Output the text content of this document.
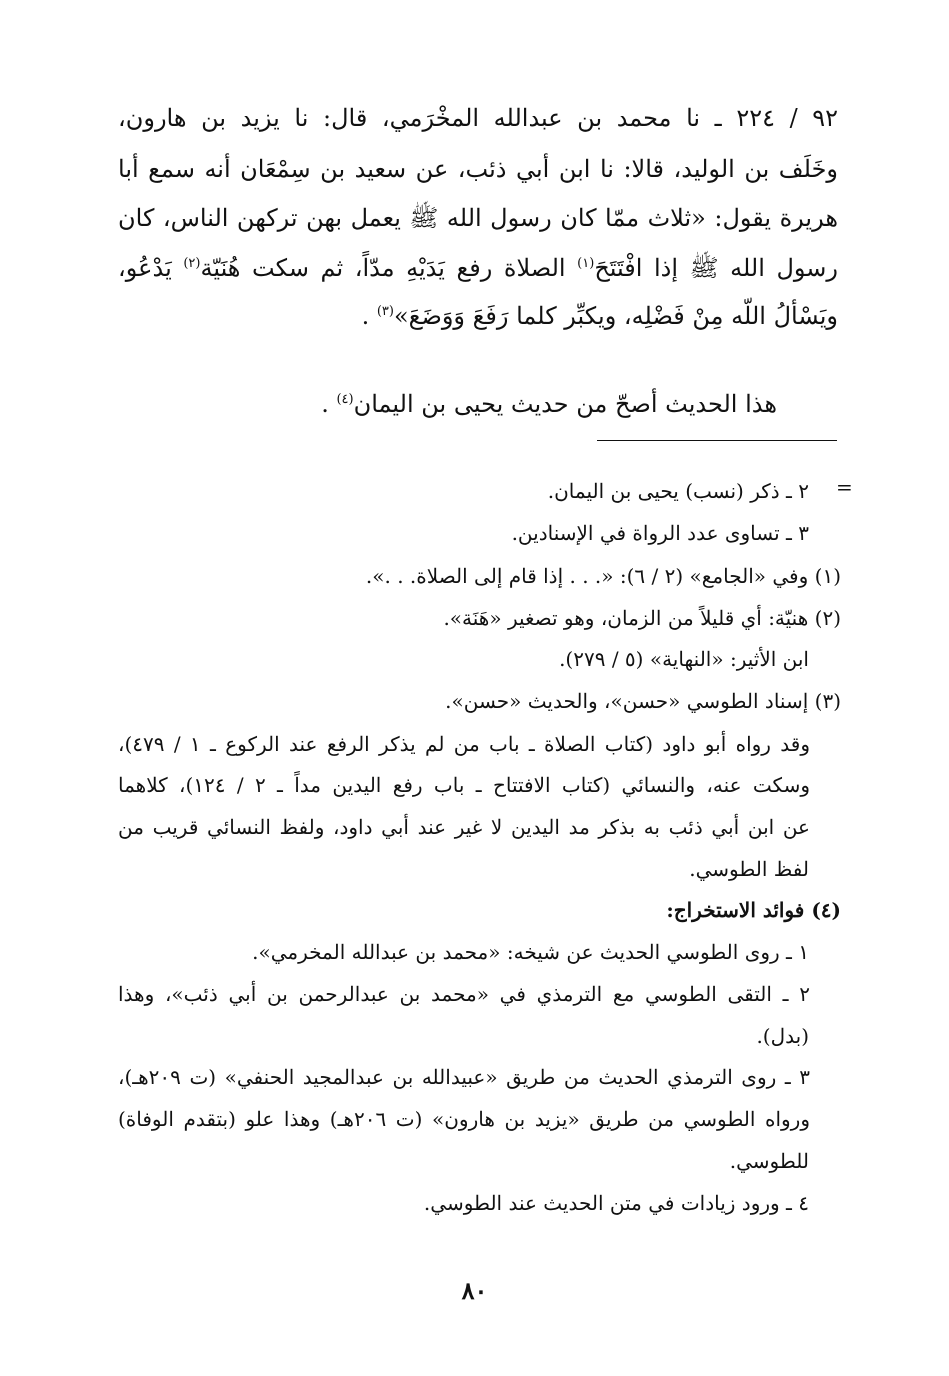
٩٢ / ٢٢٤ ـ نا محمد بن عبدالله المخْرَمي، قال: نا يزيد بن هارون،
وخَلَف بن الوليد، قالا: نا ابن أبي ذئب، عن سعيد بن سِمْعَان أنه سمع أبا
هريرة يقول: «ثلاث ممّا كان رسول الله ﷺ يعمل بهن تركهن الناس، كان
رسول الله ﷺ إذا افْتَتَحَ$^{(١)}$ الصلاة رفع يَدَيْهِ مدّاً، ثم سكت هُنَيّة$^{(٢)}$ يَدْعُو،
ويَسْألُ اللّه مِنْ فَضْلِه، ويكبِّر كلما رَفَعَ وَوَضَعَ»$^{(٣)}$ .
هذا الحديث أصحّ من حديث يحيى بن اليمان$^{(٤)}$ .
=
٢ ـ ذكر (نسب) يحيى بن اليمان.
٣ ـ تساوى عدد الرواة في الإسنادين.
(١) وفي «الجامع» (٢ / ٦): «. . . إذا قام إلى الصلاة. . .».
(٢) هنيّة: أي قليلاً من الزمان، وهو تصغير «هَنَة».
ابن الأثير: «النهاية» (٥ / ٢٧٩).
(٣) إسناد الطوسي «حسن»، والحديث «حسن».
وقد رواه أبو داود (كتاب الصلاة ـ باب من لم يذكر الرفع عند الركوع ـ ١ / ٤٧٩)،
وسكت عنه، والنسائي (كتاب الافتتاح ـ باب رفع اليدين مداً ـ ٢ / ١٢٤)، كلاهما
عن ابن أبي ذئب به بذكر مد اليدين لا غير عند أبي داود، ولفظ النسائي قريب من
لفظ الطوسي.
(٤) فوائد الاستخراج:
١ ـ روى الطوسي الحديث عن شيخه: «محمد بن عبدالله المخرمي».
٢ ـ التقى الطوسي مع الترمذي في «محمد بن عبدالرحمن بن أبي ذئب»، وهذا
(بدل).
٣ ـ روى الترمذي الحديث من طريق «عبيدالله بن عبدالمجيد الحنفي» (ت ٢٠٩هـ)،
ورواه الطوسي من طريق «يزيد بن هارون» (ت ٢٠٦هـ) وهذا علو (بتقدم الوفاة)
للطوسي.
٤ ـ ورود زيادات في متن الحديث عند الطوسي.
٨٠
